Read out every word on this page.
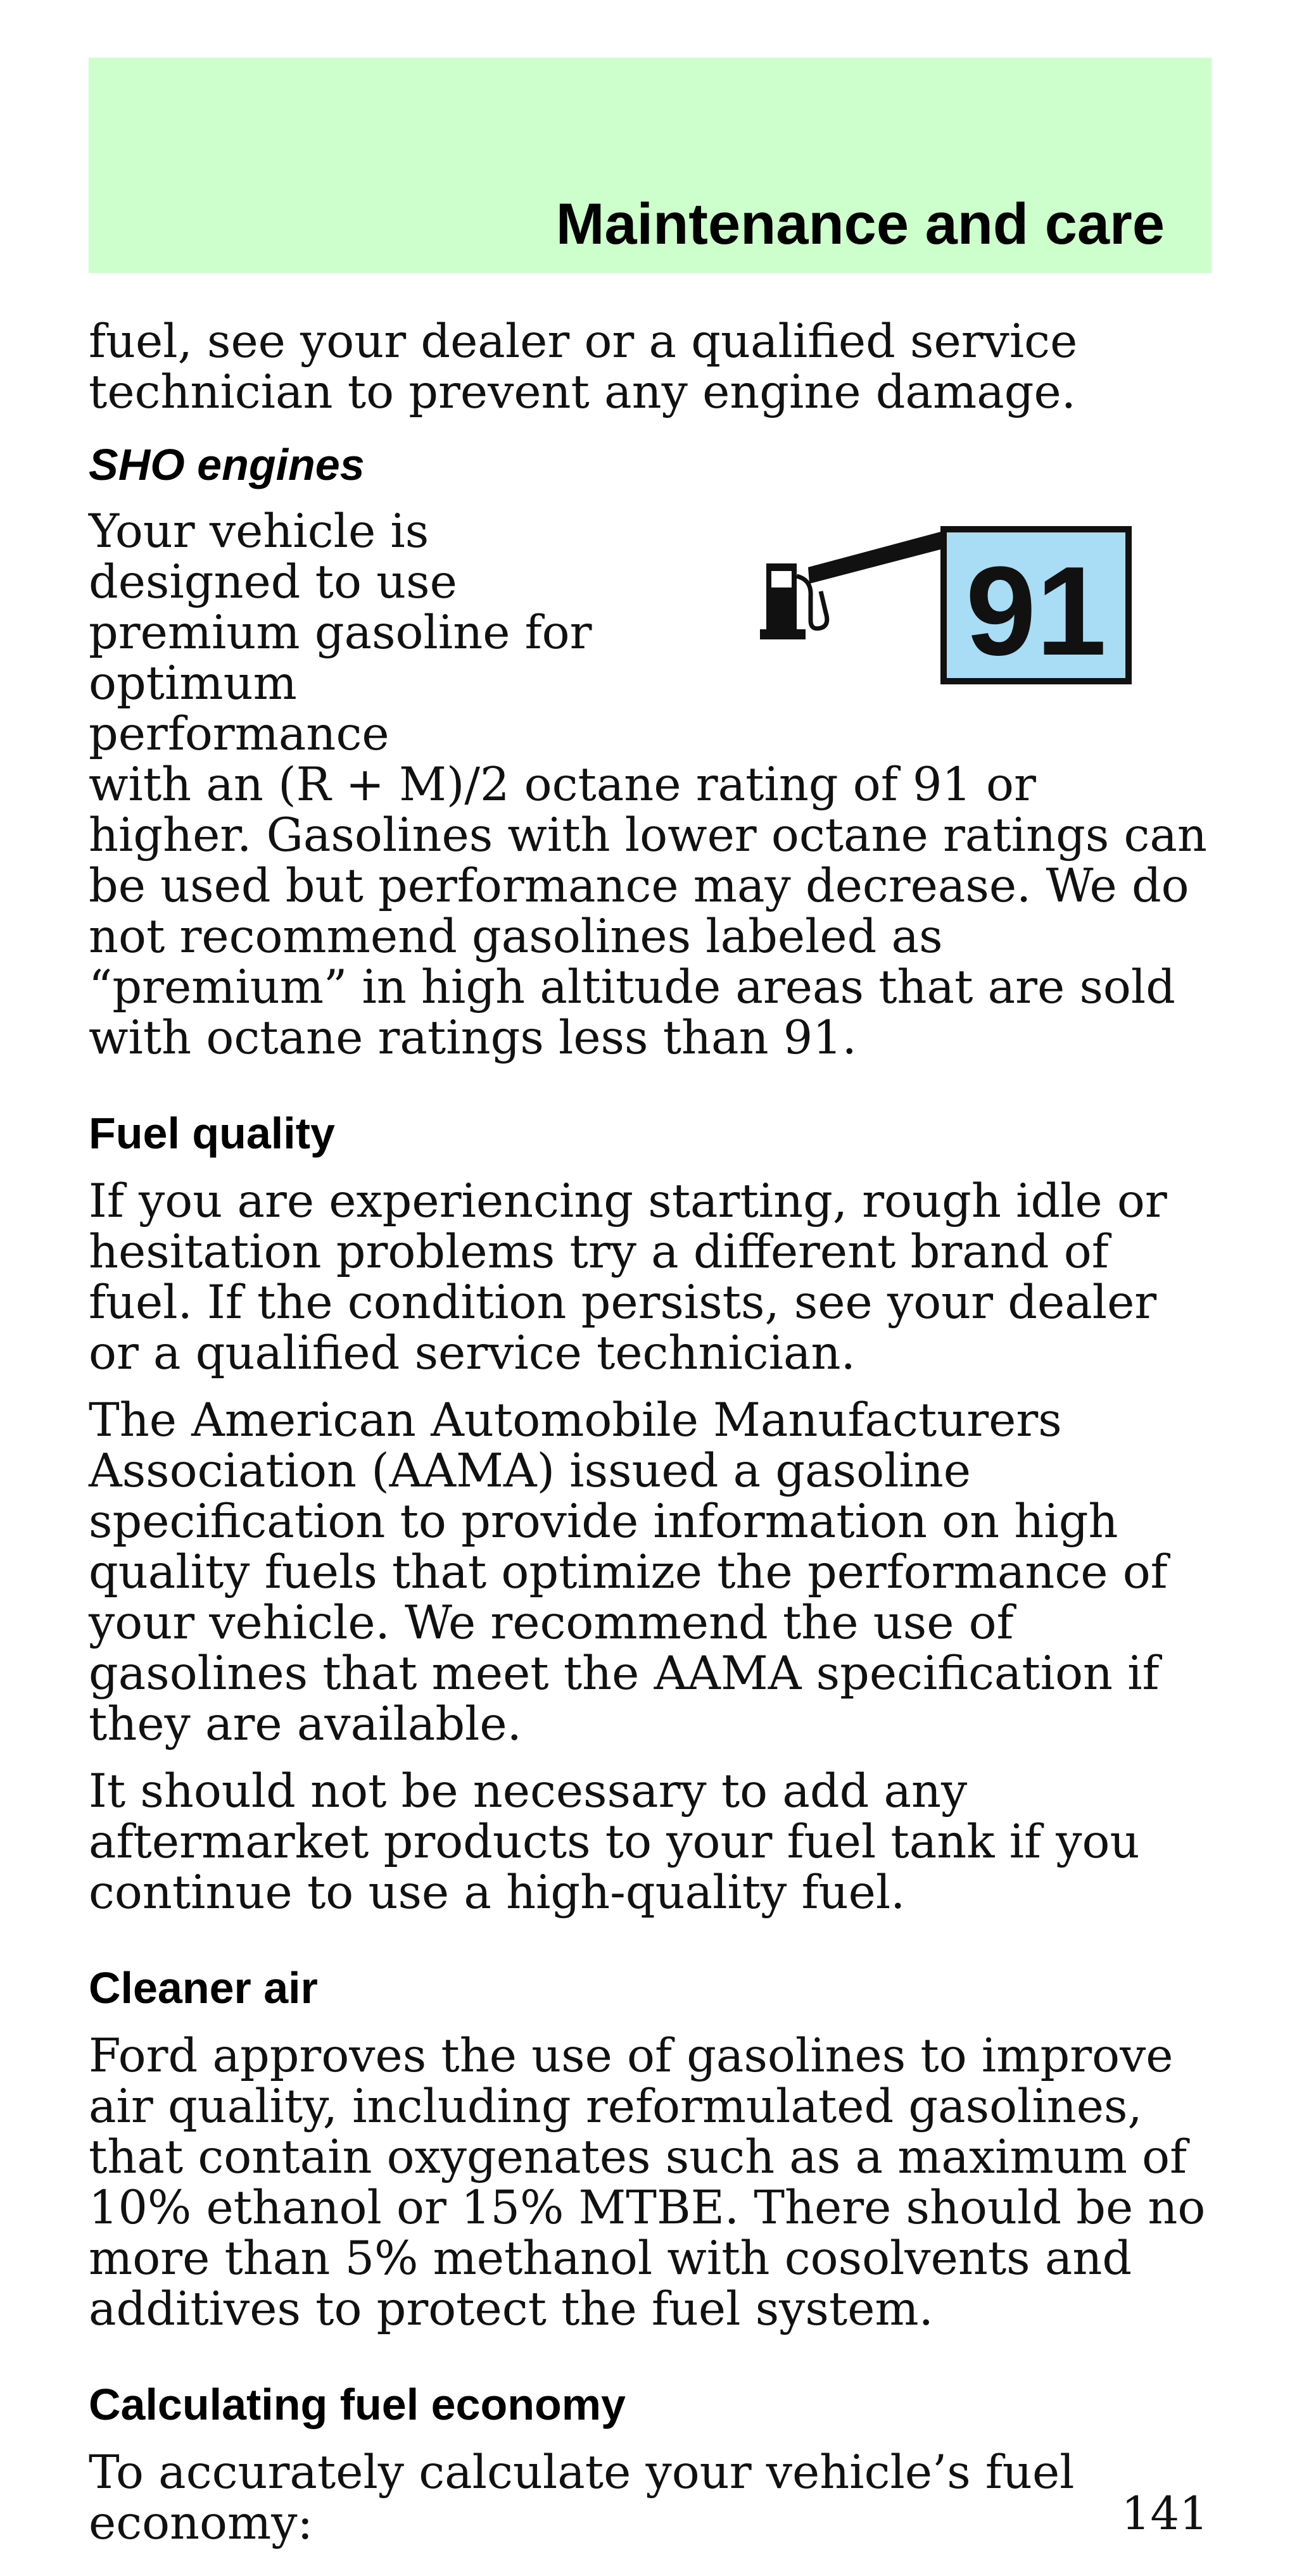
Maintenance and care

fuel, see your dealer or a qualified service technician to prevent any engine damage.

SHO engines

Your vehicle is
designed to use
premium gasoline for
optimum performance

with an (R + M)/2 octane rating of 91 or higher. Gasolines with lower octane ratings can be used but performance may decrease. We do not recommend gasolines labeled as “premium” in high altitude areas that are sold with octane ratings less than 91.

Fuel quality

If you are experiencing starting, rough idle or hesitation problems try a different brand of fuel. If the condition persists, see your dealer or a qualified service technician.

The American Automobile Manufacturers Association (AAMA) issued a gasoline specification to provide information on high quality fuels that optimize the performance of your vehicle. We recommend the use of gasolines that meet the AAMA specification if they are available.

It should not be necessary to add any aftermarket products to your fuel tank if you continue to use a high-quality fuel.

Cleaner air

Ford approves the use of gasolines to improve air quality, including reformulated gasolines, that contain oxygenates such as a maximum of 10% ethanol or 15% MTBE. There should be no more than 5% methanol with cosolvents and additives to protect the fuel system.

Calculating fuel economy

To accurately calculate your vehicle’s fuel economy:

91
141
